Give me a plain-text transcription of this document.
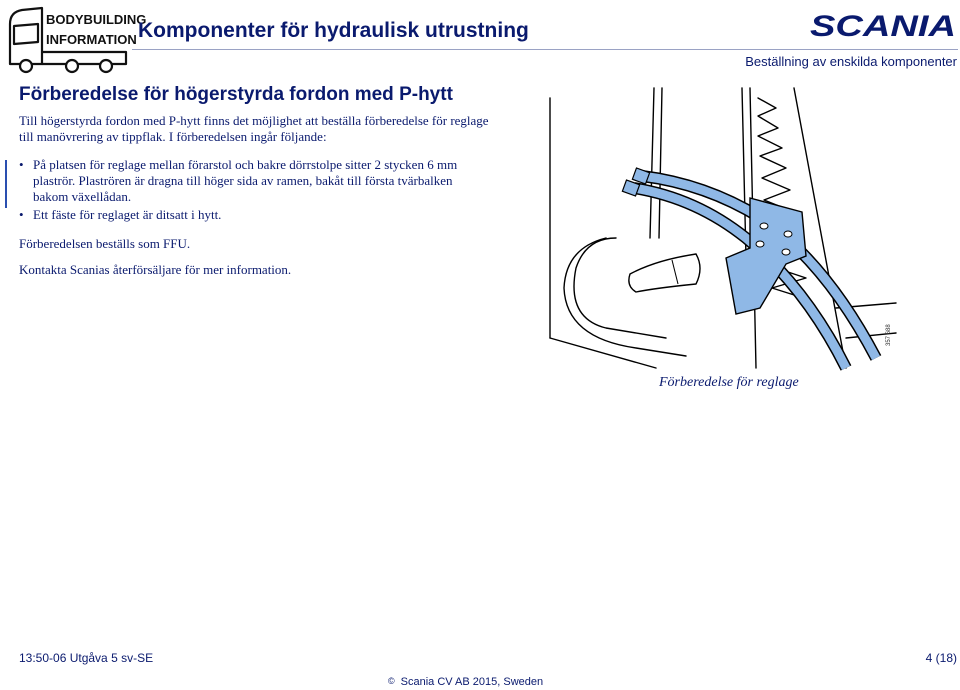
BODYBUILDING
INFORMATION Komponenter för hydraulisk utrustning	SCANIA
Beställning av enskilda komponenter
Förberedelse för högerstyrda fordon med P-hytt
Till högerstyrda fordon med P-hytt finns det möjlighet att beställa förberedelse för reglage till manövrering av tippflak. I förberedelsen ingår följande:
• På platsen för reglage mellan förarstol och bakre dörrstolpe sitter 2 stycken 6 mm plaströr. Plaströren är dragna till höger sida av ramen, bakåt till första tvärbalken bakom växellådan.
• Ett fäste för reglaget är ditsatt i hytt.
Förberedelsen beställs som FFU.
Kontakta Scanias återförsäljare för mer information.
357 688
Förberedelse för reglage
13:50-06 Utgåva 5 sv-SE	4 (18)
© Scania CV AB 2015, Sweden
